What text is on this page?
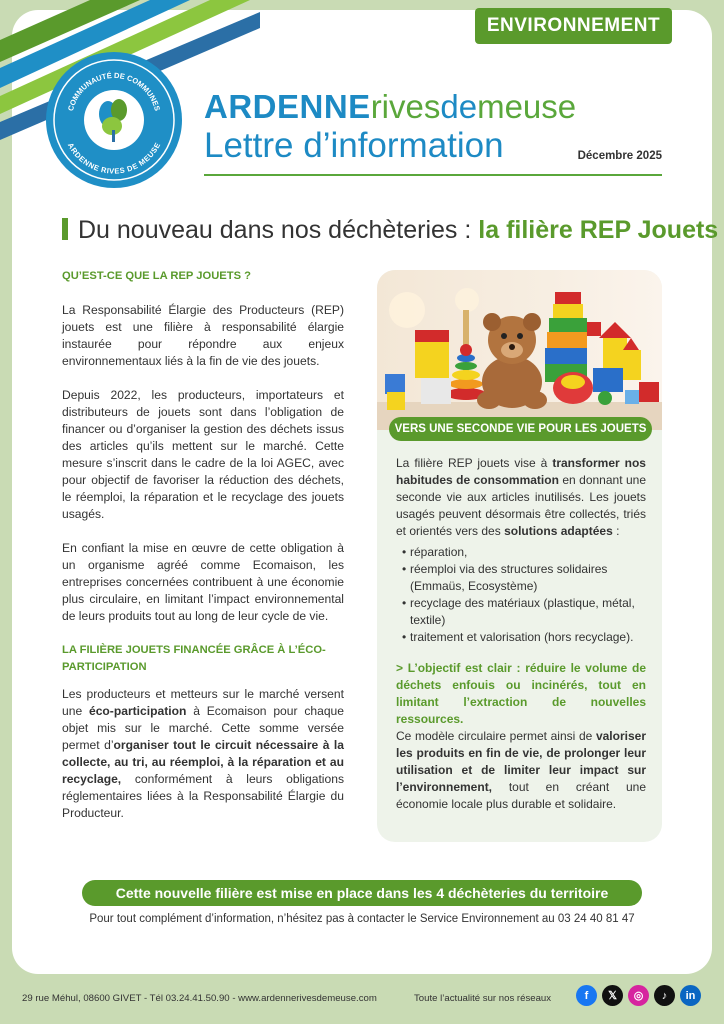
ENVIRONNEMENT
COMMUNAUTÉ DE COMMUNES
ARDENNE RIVES DE MEUSE
ARDENNErivesdemeuse
Lettre d’information	Décembre 2025
Du nouveau dans nos déchèteries : la filière REP Jouets
QU’EST-CE QUE LA REP JOUETS ?

La Responsabilité Élargie des Producteurs (REP) jouets est une filière à responsabilité élargie instaurée pour répondre aux enjeux environnementaux liés à la fin de vie des jouets.

Depuis 2022, les producteurs, importateurs et distributeurs de jouets sont dans l’obligation de financer ou d’organiser la gestion des déchets issus des articles qu’ils mettent sur le marché. Cette mesure s’inscrit dans le cadre de la loi AGEC, avec pour objectif de favoriser la réduction des déchets, le réemploi, la réparation et le recyclage des jouets usagés.

En confiant la mise en œuvre de cette obligation à un organisme agréé comme Ecomaison, les entreprises concernées contribuent à une économie plus circulaire, en limitant l’impact environnemental de leurs produits tout au long de leur cycle de vie.

LA FILIÈRE JOUETS FINANCÉE GRÂCE À L’ÉCO-PARTICIPATION

Les producteurs et metteurs sur le marché versent une éco-participation à Ecomaison pour chaque objet mis sur le marché. Cette somme versée permet d’organiser tout le circuit nécessaire à la collecte, au tri, au réemploi, à la réparation et au recyclage, conformément à leurs obligations réglementaires liées à la Responsabilité Élargie du Producteur.

VERS UNE SECONDE VIE POUR LES JOUETS

La filière REP jouets vise à transformer nos habitudes de consommation en donnant une seconde vie aux articles inutilisés. Les jouets usagés peuvent désormais être collectés, triés et orientés vers des solutions adaptées :

• réparation,
• réemploi via des structures solidaires (Emmaüs, Ecosystème)
• recyclage des matériaux (plastique, métal, textile)
• traitement et valorisation (hors recyclage).

> L’objectif est clair : réduire le volume de déchets enfouis ou incinérés, tout en limitant l’extraction de nouvelles ressources.

Ce modèle circulaire permet ainsi de valoriser les produits en fin de vie, de prolonger leur utilisation et de limiter leur impact sur l’environnement, tout en créant une économie locale plus durable et solidaire.

Cette nouvelle filière est mise en place dans les 4 déchèteries du territoire
Pour tout complément d’information, n’hésitez pas à contacter le Service Environnement au 03 24 40 81 47
29 rue Méhul, 08600 GIVET - Tél 03.24.41.50.90 - www.ardennerivesdemeuse.com	Toute l’actualité sur nos réseaux	f	𝕏	◎	♪	in
